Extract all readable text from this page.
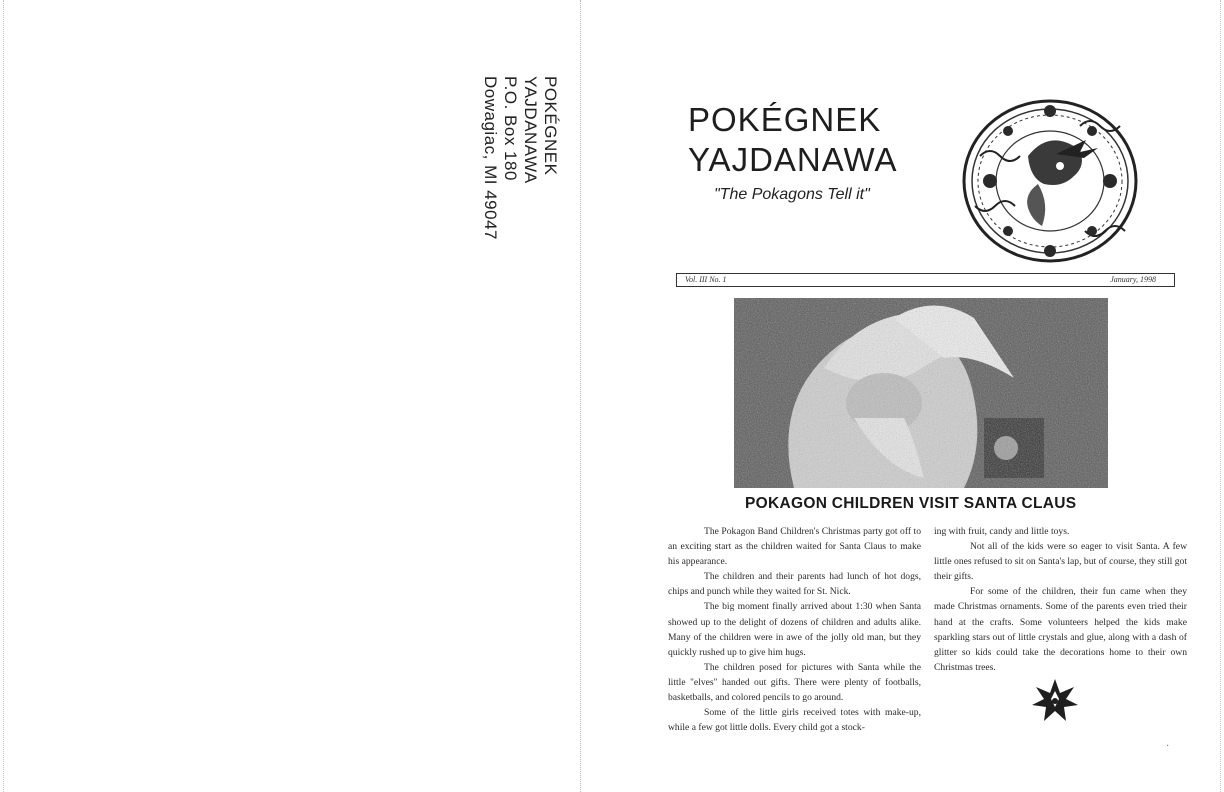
POKÉGNEK
YAJDANAWA
P.O. Box 180
Dowagiac, MI 49047	POKÉGNEK
YAJDANAWA
"The Pokagons Tell it"
Vol. III No. 1	January, 1998
POKAGON CHILDREN VISIT SANTA CLAUS

The Pokagon Band Children's Christmas party got off to an exciting start as the children waited for Santa Claus to make his appearance.

The children and their parents had lunch of hot dogs, chips and punch while they waited for St. Nick.

The big moment finally arrived about 1:30 when Santa showed up to the delight of dozens of children and adults alike. Many of the children were in awe of the jolly old man, but they quickly rushed up to give him hugs.

The children posed for pictures with Santa while the little "elves" handed out gifts. There were plenty of footballs, basketballs, and colored pencils to go around.

Some of the little girls received totes with make-up, while a few got little dolls. Every child got a stock-

ing with fruit, candy and little toys.

Not all of the kids were so eager to visit Santa. A few little ones refused to sit on Santa's lap, but of course, they still got their gifts.

For some of the children, their fun came when they made Christmas ornaments. Some of the parents even tried their hand at the crafts. Some volunteers helped the kids make sparkling stars out of little crystals and glue, along with a dash of glitter so kids could take the decorations home to their own Christmas trees.

·
